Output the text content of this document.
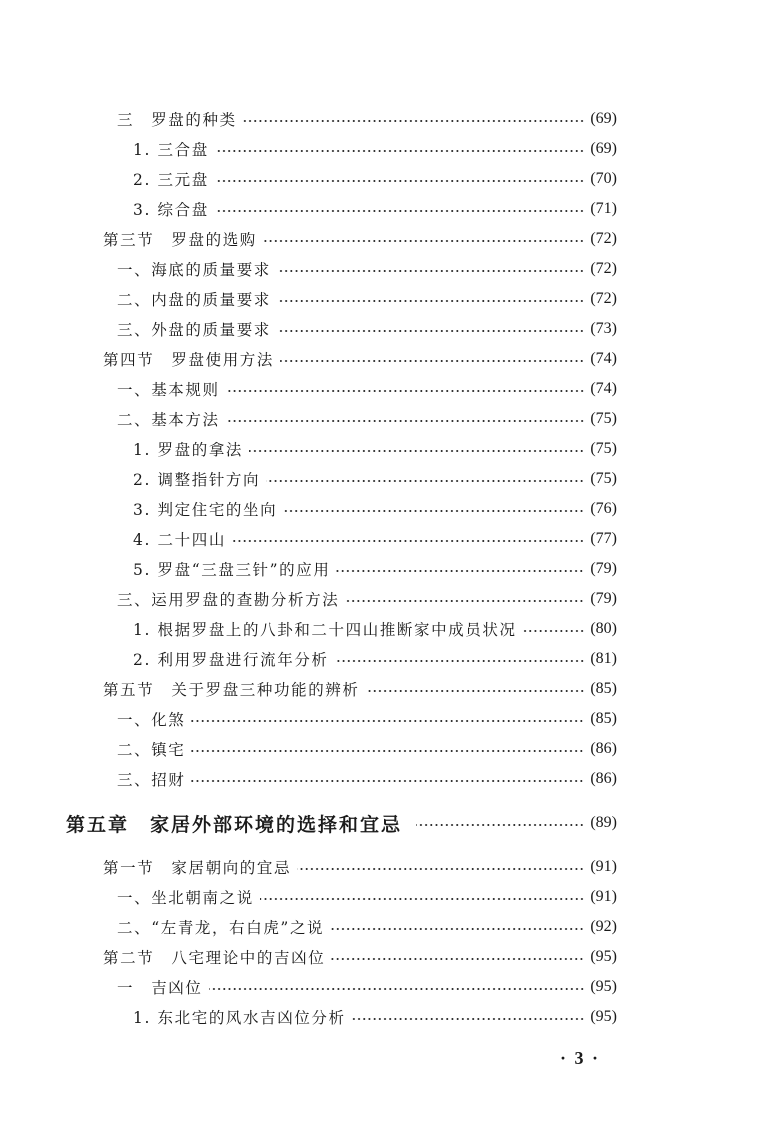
三　罗盘的种类	(69)
1. 三合盘	(69)
2. 三元盘	(70)
3. 综合盘	(71)
第三节　罗盘的选购	(72)
一、海底的质量要求	(72)
二、内盘的质量要求	(72)
三、外盘的质量要求	(73)
第四节　罗盘使用方法	(74)
一、基本规则	(74)
二、基本方法	(75)
1. 罗盘的拿法	(75)
2. 调整指针方向	(75)
3. 判定住宅的坐向	(76)
4. 二十四山	(77)
5. 罗盘“三盘三针”的应用	(79)
三、运用罗盘的查勘分析方法	(79)
1. 根据罗盘上的八卦和二十四山推断家中成员状况	(80)
2. 利用罗盘进行流年分析	(81)
第五节　关于罗盘三种功能的辨析	(85)
一、化煞	(85)
二、镇宅	(86)
三、招财	(86)
第五章　家居外部环境的选择和宜忌	(89)
第一节　家居朝向的宜忌	(91)
一、坐北朝南之说	(91)
二、“左青龙，右白虎”之说	(92)
第二节　八宅理论中的吉凶位	(95)
一　吉凶位	(95)
1. 东北宅的风水吉凶位分析	(95)
· 3 ·
